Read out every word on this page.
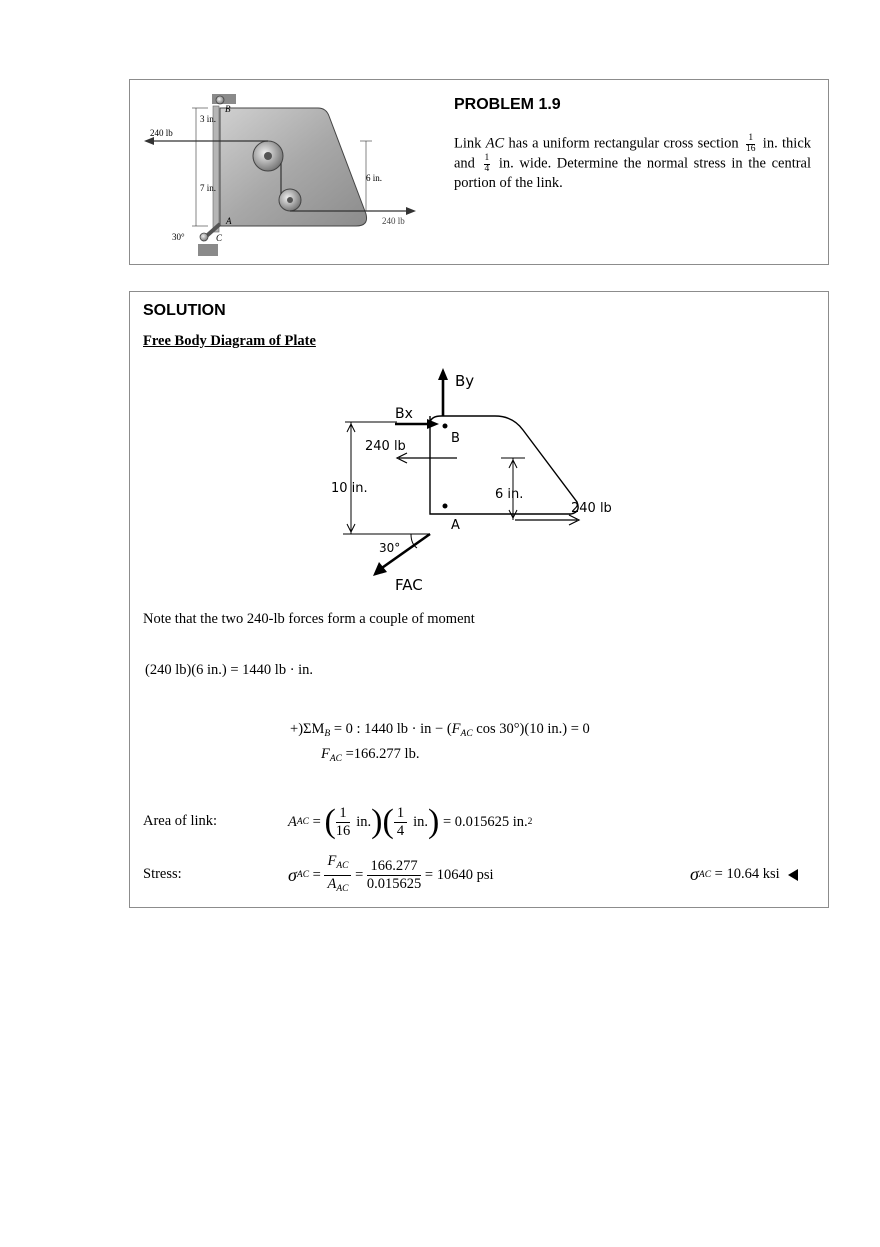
B
3 in.
240 lb
7 in.
6 in.
240 lb
A
C
30°
PROBLEM 1.9
Link AC has a uniform rectangular cross section $\frac{1}{16}$ in. thick and $\frac{1}{4}$ in. wide. Determine the normal stress in the central portion of the link.
SOLUTION
Free Body Diagram of Plate
By
Bx
B
240 lb
10 in.	6 in.
240 lb
A
30°
FAC
Note that the two 240-lb forces form a couple of moment
(240 lb)(6 in.) = 1440 lb · in.
$+)\Sigma M_B = 0$ : 1440 lb · in − ($F_{AC}$ cos 30°)(10 in.) = 0
$F_{AC} =166.277$ lb.
Area of link:	A AC = ( $\frac{1}{16}$ in. )( $\frac{1}{4}$ in. ) = 0.015625 in. 2
Stress:	σ AC = $\frac{F_{AC}}{A_{AC}} = \frac{166.277}{0.015625} = 10640$ psi	σ AC = 10.64 ksi
